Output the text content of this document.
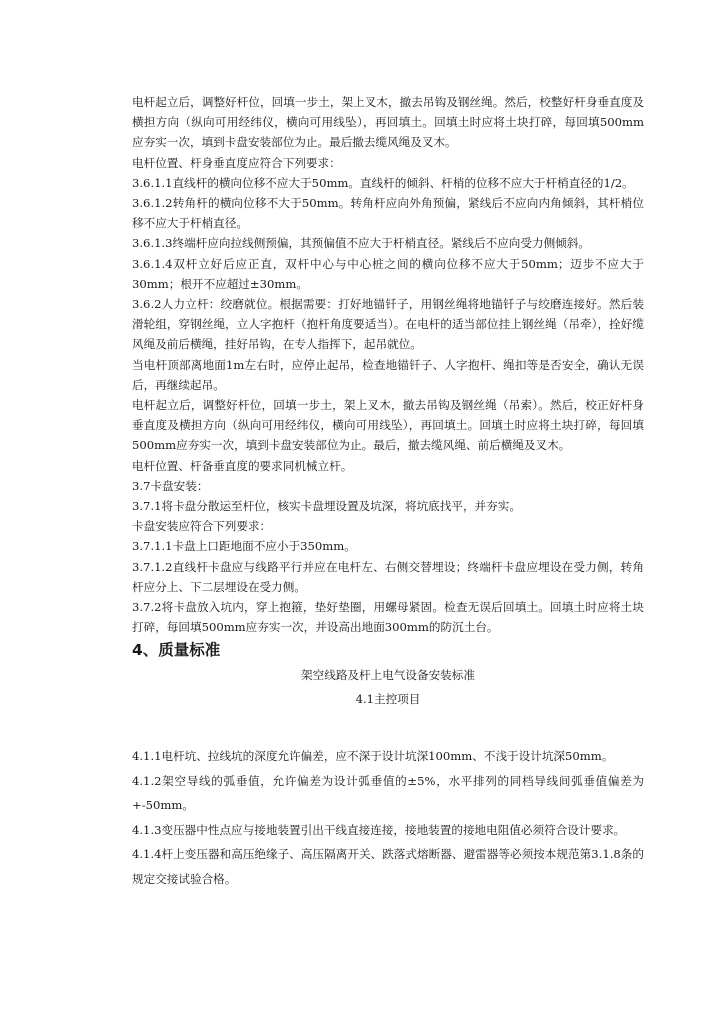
电杆起立后，调整好杆位，回填一步土，架上叉木，撤去吊钩及钢丝绳。然后，校整好杆身垂直度及横担方向（纵向可用经纬仪，横向可用线坠），再回填土。回填土时应将土块打碎，每回填500mm应夯实一次，填到卡盘安装部位为止。最后撤去缆风绳及叉木。

电杆位置、杆身垂直度应符合下列要求：

3.6.1.1直线杆的横向位移不应大于50mm。直线杆的倾斜、杆梢的位移不应大于杆梢直径的1/2。

3.6.1.2转角杆的横向位移不大于50mm。转角杆应向外角预偏，紧线后不应向内角倾斜，其杆梢位移不应大于杆梢直径。

3.6.1.3终端杆应向拉线侧预偏，其预偏值不应大于杆梢直径。紧线后不应向受力侧倾斜。

3.6.1.4双杆立好后应正直，双杆中心与中心桩之间的横向位移不应大于50mm；迈步不应大于30mm；根开不应超过±30mm。

3.6.2人力立杆：绞磨就位。根据需要：打好地锚钎子，用钢丝绳将地锚钎子与绞磨连接好。然后装滑轮组，穿钢丝绳，立人字抱杆（抱杆角度要适当）。在电杆的适当部位挂上钢丝绳（吊牵），拴好缆风绳及前后横绳，挂好吊钩，在专人指挥下，起吊就位。

当电杆顶部离地面1m左右时，应停止起吊，检查地锚钎子、人字抱杆、绳扣等是否安全，确认无误后，再继续起吊。

电杆起立后，调整好杆位，回填一步土，架上叉木，撤去吊钩及钢丝绳（吊索）。然后，校正好杆身垂直度及横担方向（纵向可用经纬仪，横向可用线坠），再回填土。回填土时应将土块打碎，每回填500mm应夯实一次，填到卡盘安装部位为止。最后，撤去缆风绳、前后横绳及叉木。

电杆位置、杆备垂直度的要求同机械立杆。

3.7卡盘安装：

3.7.1将卡盘分散运至杆位，核实卡盘埋设置及坑深，将坑底找平，并夯实。

卡盘安装应符合下列要求：

3.7.1.1卡盘上口距地面不应小于350mm。

3.7.1.2直线杆卡盘应与线路平行并应在电杆左、右侧交替埋设；终端杆卡盘应埋设在受力侧，转角杆应分上、下二层埋设在受力侧。

3.7.2将卡盘放入坑内，穿上抱箍，垫好垫圈，用螺母紧固。检查无误后回填土。回填土时应将土块打碎，每回填500mm应夯实一次，并设高出地面300mm的防沉土台。

4、质量标准

架空线路及杆上电气设备安装标准

4.1主控项目

4.1.1电杆坑、拉线坑的深度允许偏差，应不深于设计坑深100mm、不浅于设计坑深50mm。

4.1.2架空导线的弧垂值，允许偏差为设计弧垂值的±5%，水平排列的同档导线间弧垂值偏差为+-50mm。

4.1.3变压器中性点应与接地装置引出干线直接连接，接地装置的接地电阻值必须符合设计要求。

4.1.4杆上变压器和高压绝缘子、高压隔离开关、跌落式熔断器、避雷器等必须按本规范第3.1.8条的规定交接试验合格。
